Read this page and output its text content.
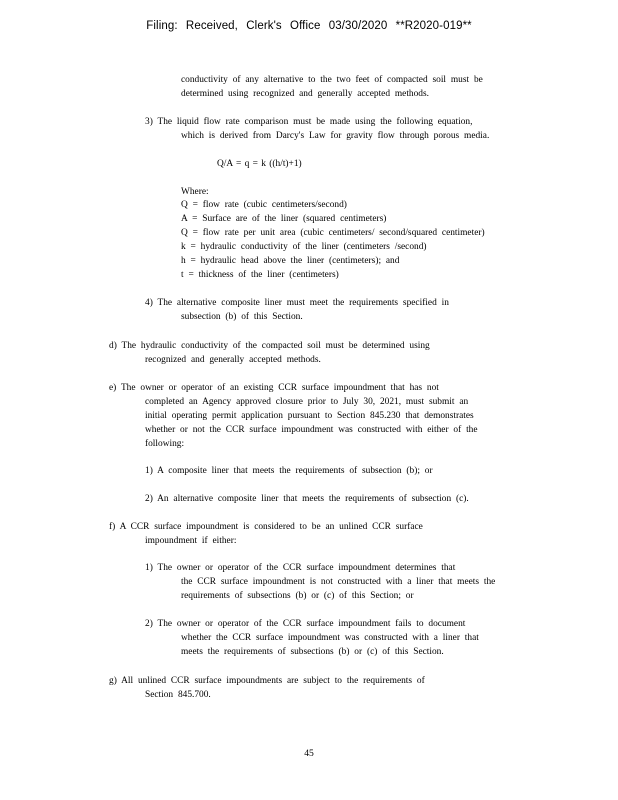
Filing: Received, Clerk's Office 03/30/2020 **R2020-019**
conductivity of any alternative to the two feet of compacted soil must be
determined using recognized and generally accepted methods.
3) The liquid flow rate comparison must be made using the following equation,
which is derived from Darcy's Law for gravity flow through porous media.
Q/A = q = k ((h/t)+1)
Where:
Q = flow rate (cubic centimeters/second)
A = Surface are of the liner (squared centimeters)
Q = flow rate per unit area (cubic centimeters/ second/squared centimeter)
k = hydraulic conductivity of the liner (centimeters /second)
h = hydraulic head above the liner (centimeters); and
t = thickness of the liner (centimeters)
4) The alternative composite liner must meet the requirements specified in
subsection (b) of this Section.
d) The hydraulic conductivity of the compacted soil must be determined using
recognized and generally accepted methods.
e) The owner or operator of an existing CCR surface impoundment that has not
completed an Agency approved closure prior to July 30, 2021, must submit an
initial operating permit application pursuant to Section 845.230 that demonstrates
whether or not the CCR surface impoundment was constructed with either of the
following:
1) A composite liner that meets the requirements of subsection (b); or
2) An alternative composite liner that meets the requirements of subsection (c).
f) A CCR surface impoundment is considered to be an unlined CCR surface
impoundment if either:
1) The owner or operator of the CCR surface impoundment determines that
the CCR surface impoundment is not constructed with a liner that meets the
requirements of subsections (b) or (c) of this Section; or
2) The owner or operator of the CCR surface impoundment fails to document
whether the CCR surface impoundment was constructed with a liner that
meets the requirements of subsections (b) or (c) of this Section.
g) All unlined CCR surface impoundments are subject to the requirements of
Section 845.700.
45
